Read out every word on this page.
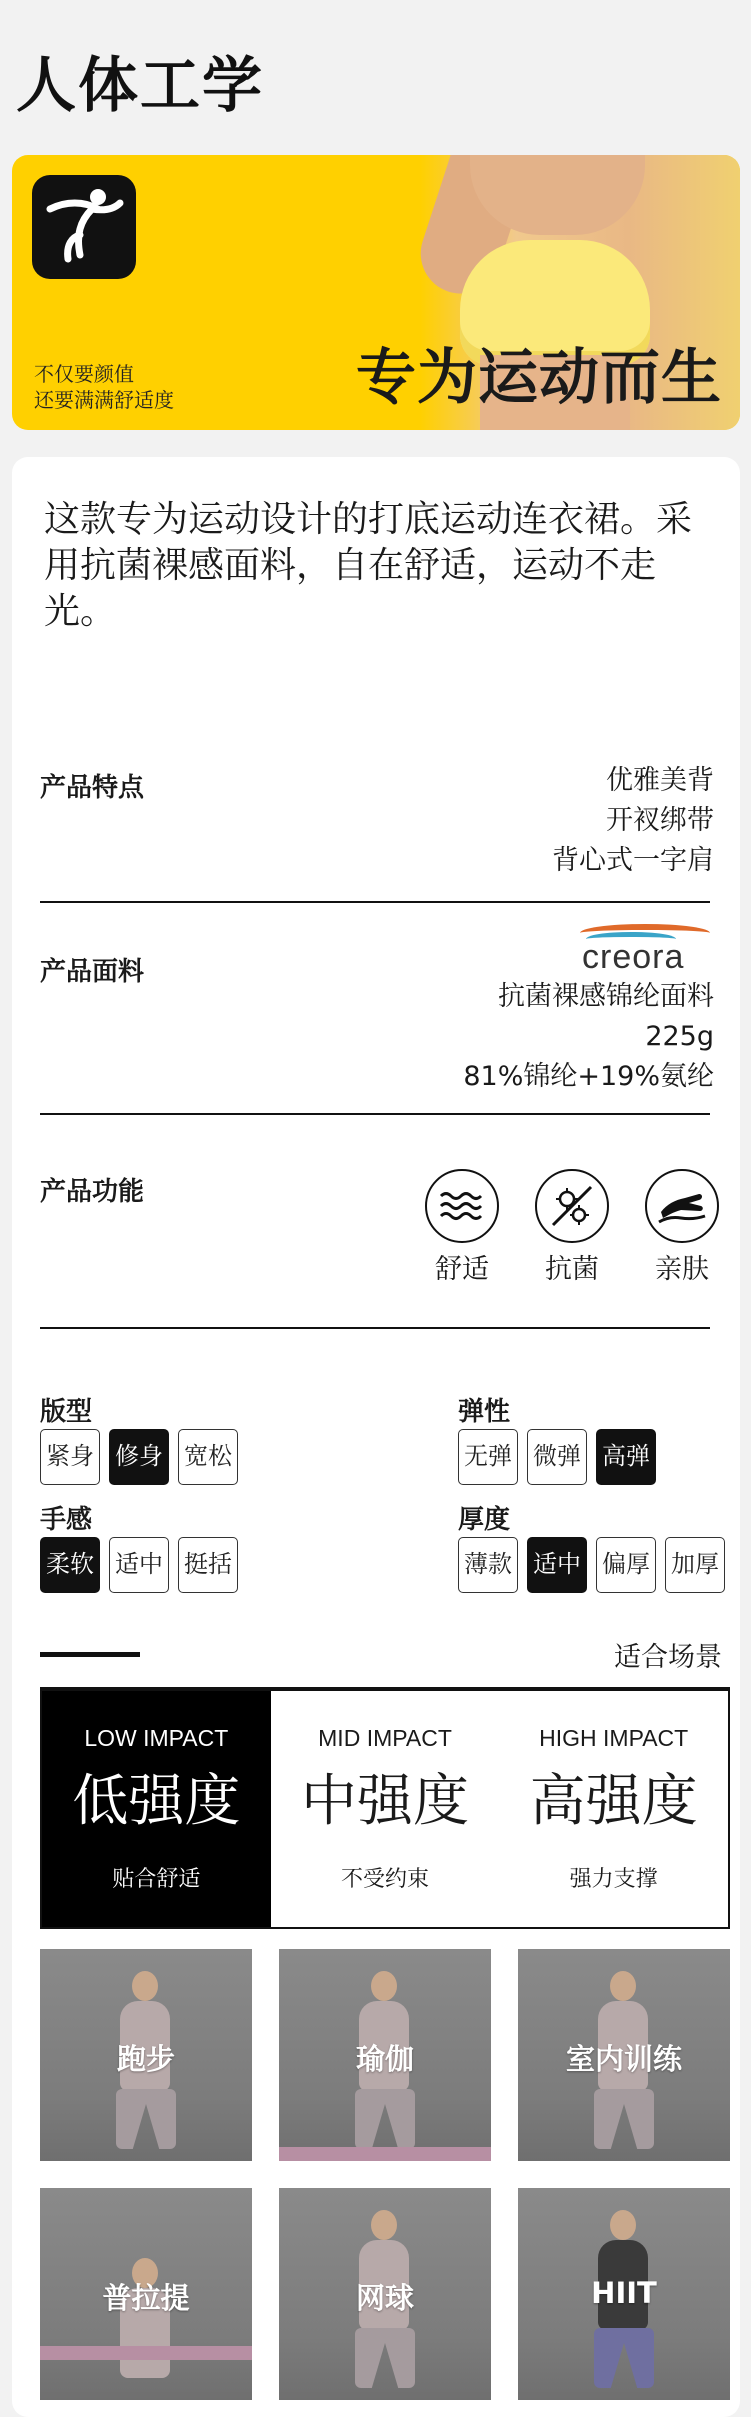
人体工学
不仅要颜值
还要满满舒适度	专为运动而生
这款专为运动设计的打底运动连衣裙。采用抗菌裸感面料，自在舒适，运动不走光。
产品特点	优雅美背
开衩绑带
背心式一字肩
产品面料	creora
抗菌裸感锦纶面料
225g
81%锦纶+19%氨纶
产品功能
舒适	抗菌	亲肤
版型
紧身 修身 宽松
弹性
无弹 微弹 高弹
手感
柔软 适中 挺括
厚度
薄款 适中 偏厚 加厚
适合场景
LOW IMPACT
低强度
贴合舒适
MID IMPACT
中强度
不受约束
HIGH IMPACT
高强度
强力支撑
跑步	瑜伽	室内训练
普拉提	网球	HIIT
